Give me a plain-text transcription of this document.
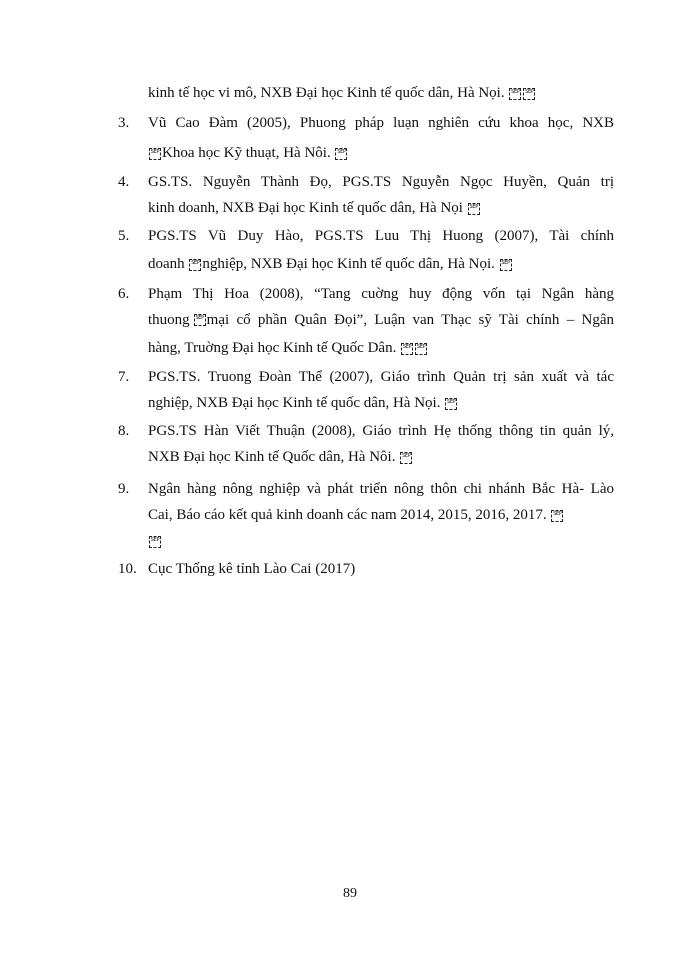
kinh tế học vi mô, NXB Đại học Kinh tế quốc dân, Hà Nọi. SEP SEP
3. Vũ Cao Đàm (2005), Phuong pháp luạn nghiên cứu khoa học, NXB
SEP Khoa học Kỹ thuạt, Hà Nôi. SEP
4. GS.TS. Nguyễn Thành Đọ, PGS.TS Nguyễn Ngọc Huyền, Quản trị
kinh doanh, NXB Đại học Kinh tế quốc dân, Hà Nọi SEP
5. PGS.TS Vũ Duy Hào, PGS.TS Luu Thị Huong (2007), Tài chính
doanh SEP nghiệp, NXB Đại học Kinh tế quốc dân, Hà Nọi. SEP
6. Phạm Thị Hoa (2008), “Tang cuờng huy động vốn tại Ngân hàng
thuong	SEP mại cổ phần Quân Đọi”, Luận van Thạc sỹ Tài chính – Ngân
hàng, Truờng Đại học Kinh tế Quốc Dân. SEP SEP
7. PGS.TS. Truong Đoàn Thể (2007), Giáo trình Quản trị sản xuất và tác
nghiệp, NXB Đại học Kinh tế quốc dân, Hà Nọi. SEP
8. PGS.TS Hàn Viết Thuận (2008), Giáo trình Hẹ thống thông tin quản lý,
NXB Đại học Kinh tế Quốc dân, Hà Nôi. SEP
9. Ngân hàng nông nghiệp và phát triển nông thôn chi nhánh Bắc Hà- Lào
Cai, Báo cáo kết quả kinh doanh các nam 2014, 2015, 2016, 2017. SEP
SEP
10. Cục Thống kê tỉnh Lào Cai (2017)
89
